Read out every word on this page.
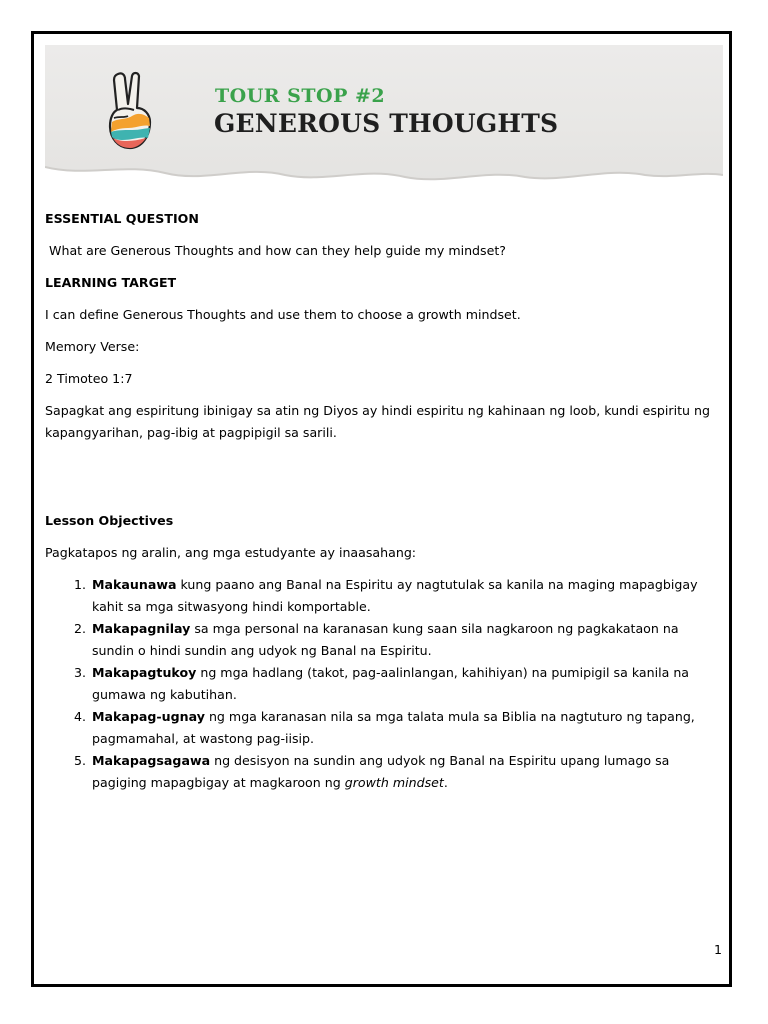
TOUR STOP #2
GENEROUS THOUGHTS

ESSENTIAL QUESTION

What are Generous Thoughts and how can they help guide my mindset?

LEARNING TARGET

I can define Generous Thoughts and use them to choose a growth mindset.

Memory Verse:

2 Timoteo 1:7

Sapagkat ang espiritung ibinigay sa atin ng Diyos ay hindi espiritu ng kahinaan ng loob, kundi espiritu ng kapangyarihan, pag-ibig at pagpipigil sa sarili.

Lesson Objectives

Pagkatapos ng aralin, ang mga estudyante ay inaasahang:

1. Makaunawa kung paano ang Banal na Espiritu ay nagtutulak sa kanila na maging mapagbigay kahit sa mga sitwasyong hindi komportable.
2. Makapagnilay sa mga personal na karanasan kung saan sila nagkaroon ng pagkakataon na sundin o hindi sundin ang udyok ng Banal na Espiritu.
3. Makapagtukoy ng mga hadlang (takot, pag-aalinlangan, kahihiyan) na pumipigil sa kanila na gumawa ng kabutihan.
4. Makapag-ugnay ng mga karanasan nila sa mga talata mula sa Biblia na nagtuturo ng tapang, pagmamahal, at wastong pag-iisip.
5. Makapagsagawa ng desisyon na sundin ang udyok ng Banal na Espiritu upang lumago sa pagiging mapagbigay at magkaroon ng growth mindset.
1
